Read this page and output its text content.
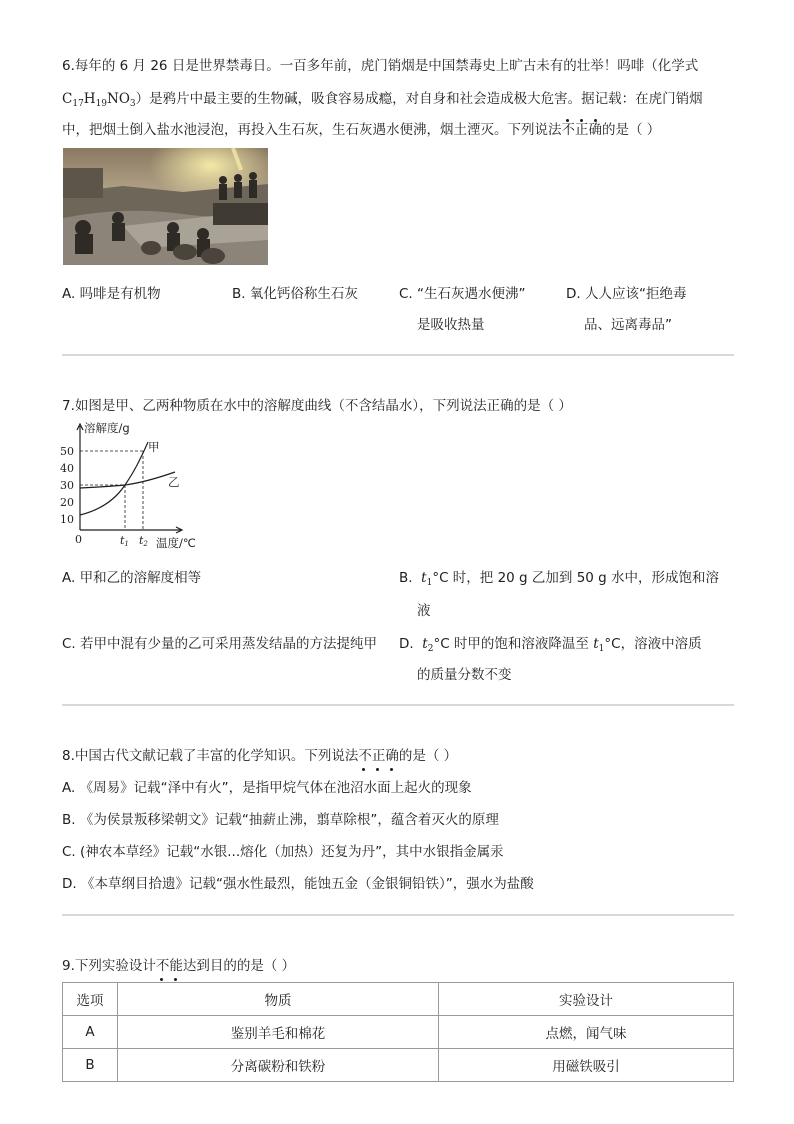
6.每年的 6 月 26 日是世界禁毒日。一百多年前，虎门销烟是中国禁毒史上旷古未有的壮举！吗啡（化学式
$C_{17}H_{19}NO_3$）是鸦片中最主要的生物碱，吸食容易成瘾，对自身和社会造成极大危害。据记载：在虎门销烟
中，把烟土倒入盐水池浸泡，再投入生石灰，生石灰遇水便沸，烟土湮灭。下列说法不正确
的是（ ）
A. 吗啡是有机物	B. 氧化钙俗称生石灰	C. “生石灰遇水便沸”
是吸收热量
D. 人人应该“拒绝毒
品、远离毒品”
7.如图是甲、乙两种物质在水中的溶解度曲线（不含结晶水），下列说法正确的是（ ）
50
40
30
20
10
0	t1 t2
溶解度/g
温度/℃
甲
乙
A. 甲和乙的溶解度相等	B. $t_1^\circ C$ 时，把 20 g 乙加到 50 g 水中，形成饱和溶
液
C. 若甲中混有少量的乙可采用蒸发结晶的方法提纯甲 D. $t_2^\circ C$ 时甲的饱和溶液降温至 $t_1^\circ C$，溶液中溶质
的质量分数不变
8.中国古代文献记载了丰富的化学知识。下列说法不正确
的是（ ）
A. 《周易》记载“泽中有火”，是指甲烷气体在池沼水面上起火的现象
B. 《为侯景叛移梁朝文》记载“抽薪止沸，翦草除根”，蕴含着灭火的原理
C. (神农本草经》记载“水银...熔化（加热）还复为丹”，其中水银指金属汞
D. 《本草纲目拾遗》记载“强水性最烈，能蚀五金（金银铜铅铁）”，强水为盐酸
9.下列实验设计不能
达到目的的是（ ）
选项	物质	实验设计
A	鉴别羊毛和棉花	点燃，闻气味
B	分离碳粉和铁粉	用磁铁吸引
